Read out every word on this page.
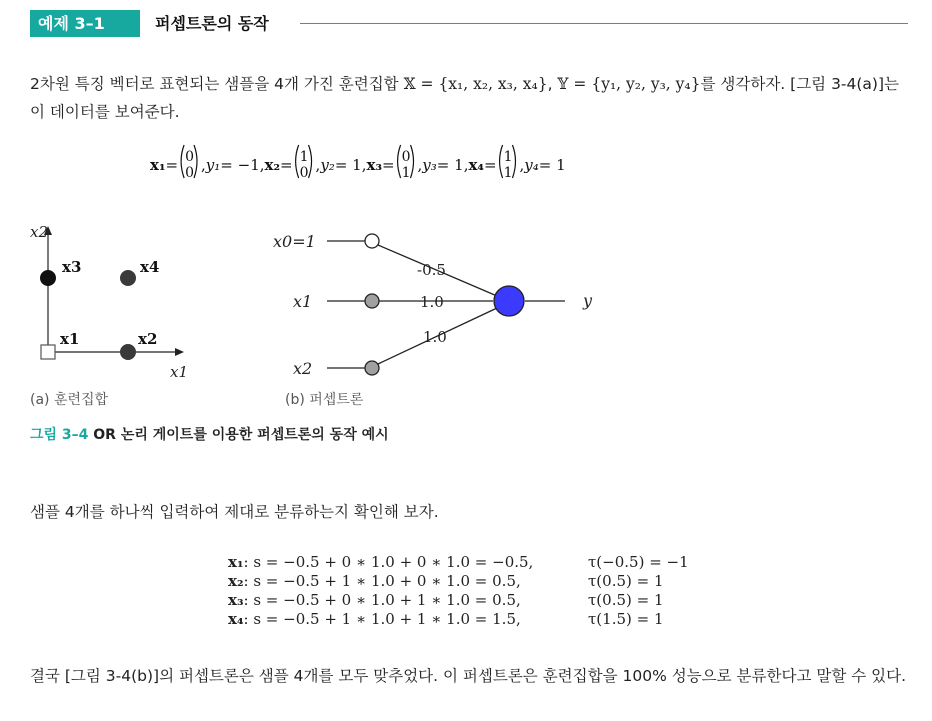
예제 3–1	퍼셉트론의 동작
2차원 특징 벡터로 표현되는 샘플을 4개 가진 훈련집합 𝕏 = {x₁, x₂, x₃, x₄}, 𝕐 = {y₁, y₂, y₃, y₄}를 생각하자. [그림 3-4(a)]는 이 데이터를 보여준다.
x₁ = 0
0 , y₁ = −1 , x₂ = 1
0 , y₂ = 1 , x₃ = 0
1 , y₃ = 1 , x₄ = 1
1 , y₄ = 1
x2
x1
x1	x2
x3	x4
x0=1
x1
x2
y
-0.5
1.0
1.0
(a) 훈련집합	(b) 퍼셉트론
그림 3–4 OR 논리 게이트를 이용한 퍼셉트론의 동작 예시
샘플 4개를 하나씩 입력하여 제대로 분류하는지 확인해 보자.
x₁: s = −0.5 + 0 ∗ 1.0 + 0 ∗ 1.0 = −0.5,	τ(−0.5) = −1
x₂: s = −0.5 + 1 ∗ 1.0 + 0 ∗ 1.0 = 0.5,	τ(0.5) = 1
x₃: s = −0.5 + 0 ∗ 1.0 + 1 ∗ 1.0 = 0.5,	τ(0.5) = 1
x₄: s = −0.5 + 1 ∗ 1.0 + 1 ∗ 1.0 = 1.5,	τ(1.5) = 1
결국 [그림 3-4(b)]의 퍼셉트론은 샘플 4개를 모두 맞추었다. 이 퍼셉트론은 훈련집합을 100% 성능으로 분류한다고 말할 수 있다.
